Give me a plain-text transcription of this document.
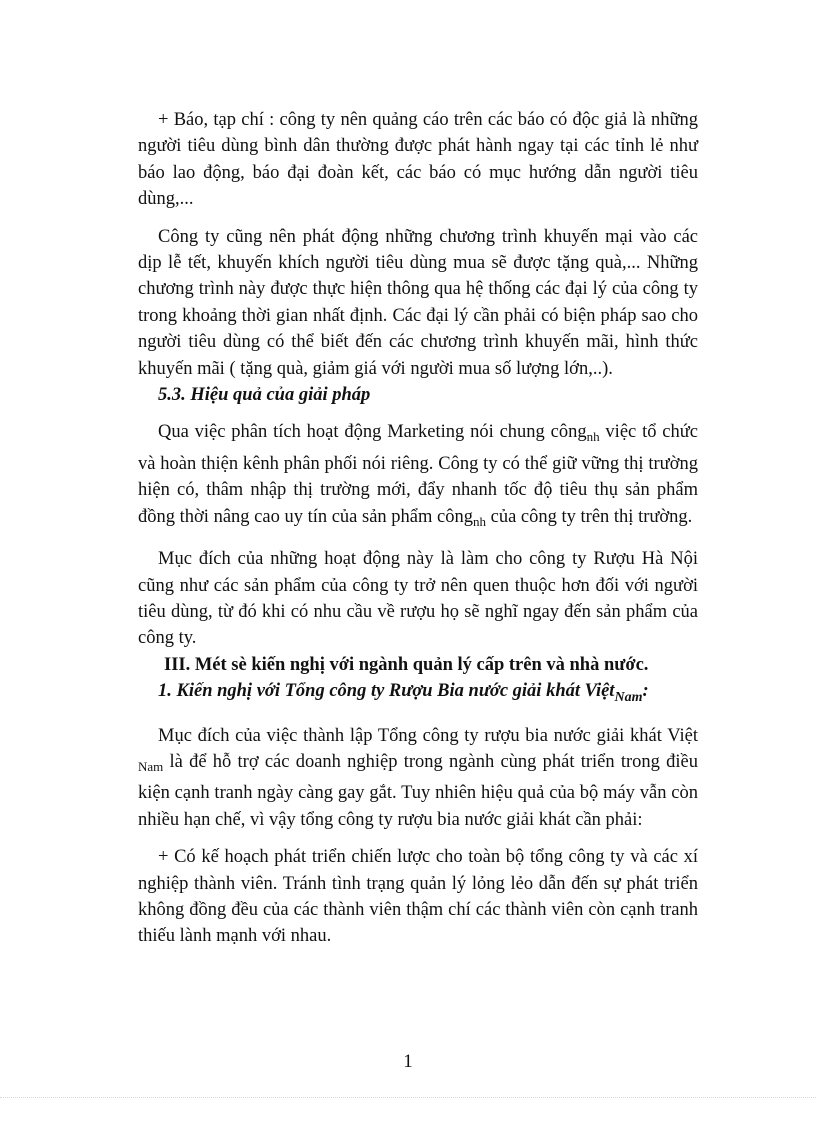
+ Báo, tạp chí : công ty nên quảng cáo trên các báo có độc giả là những người tiêu dùng bình dân thường được phát hành ngay tại các tỉnh lẻ như báo lao động, báo đại đoàn kết, các báo có mục hướng dẫn người tiêu dùng,...

Công ty cũng nên phát động những chương trình khuyến mại vào các dịp lễ tết, khuyến khích người tiêu dùng mua sẽ được tặng quà,... Những chương trình này được thực hiện thông qua hệ thống các đại lý của công ty trong khoảng thời gian nhất định. Các đại lý cần phải có biện pháp sao cho người tiêu dùng có thể biết đến các chương trình khuyến mãi, hình thức khuyến mãi ( tặng quà, giảm giá với người mua số lượng lớn,..).

5.3. Hiệu quả của giải pháp

Qua việc phân tích hoạt động Marketing nói chung công$_{nh}$ việc tổ chức và hoàn thiện kênh phân phối nói riêng. Công ty có thể giữ vững thị trường hiện có, thâm nhập thị trường mới, đẩy nhanh tốc độ tiêu thụ sản phẩm đồng thời nâng cao uy tín của sản phẩm công$_{nh}$ của công ty trên thị trường.

Mục đích của những hoạt động này là làm cho công ty Rượu Hà Nội cũng như các sản phẩm của công ty trở nên quen thuộc hơn đối với người tiêu dùng, từ đó khi có nhu cầu về rượu họ sẽ nghĩ ngay đến sản phẩm của công ty.

III. Mét sè kiến nghị với ngành quản lý cấp trên và nhà nước.

1. Kiến nghị với Tổng công ty Rượu Bia nước giải khát Việt$_{Nam}$:

Mục đích của việc thành lập Tổng công ty rượu bia nước giải khát Việt $_{Nam}$ là để hỗ trợ các doanh nghiệp trong ngành cùng phát triển trong điều kiện cạnh tranh ngày càng gay gắt. Tuy nhiên hiệu quả của bộ máy vẫn còn nhiều hạn chế, vì vậy tổng công ty rượu bia nước giải khát cần phải:

+ Có kế hoạch phát triển chiến lược cho toàn bộ tổng công ty và các xí nghiệp thành viên. Tránh tình trạng quản lý lỏng lẻo dẫn đến sự phát triển không đồng đều của các thành viên thậm chí các thành viên còn cạnh tranh thiếu lành mạnh với nhau.

1
